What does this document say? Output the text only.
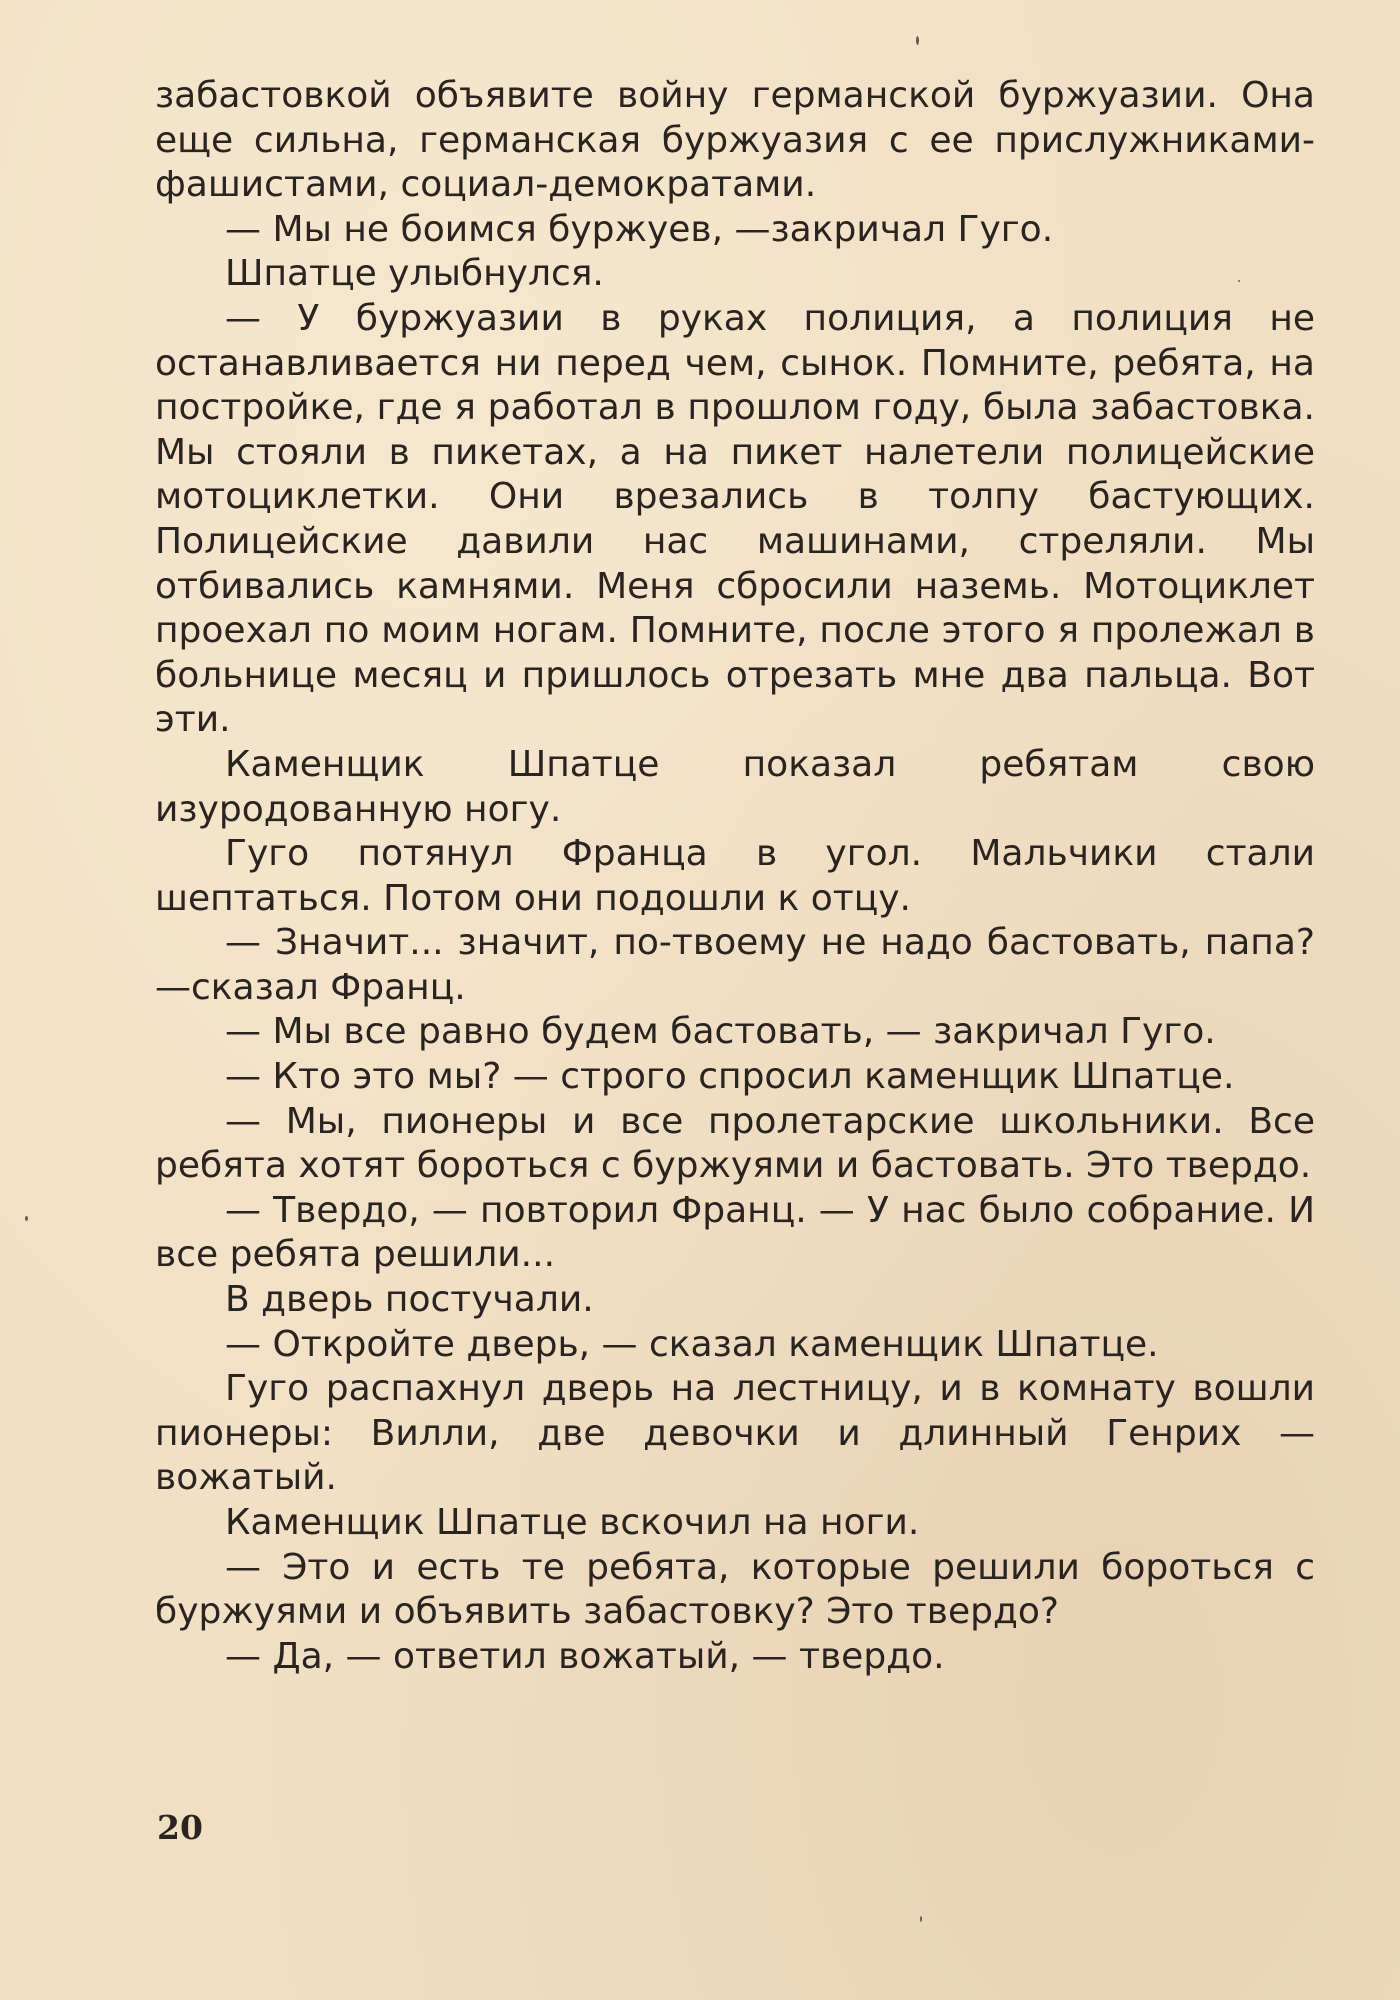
забастовкой объявите войну германской буржуазии. Она еще сильна, германская буржуазия с ее прислужниками-фашистами, социал-демократами.

— Мы не боимся буржуев, —закричал Гуго.

Шпатце улыбнулся.

— У буржуазии в руках полиция, а полиция не останавливается ни перед чем, сынок. Помните, ребята, на постройке, где я работал в прошлом году, была забастовка. Мы стояли в пикетах, а на пикет налетели полицейские мотоциклетки. Они врезались в толпу бастующих. Полицейские давили нас машинами, стреляли. Мы отбивались камнями. Меня сбросили наземь. Мотоциклет проехал по моим ногам. Помните, после этого я пролежал в больнице месяц и пришлось отрезать мне два пальца. Вот эти.

Каменщик Шпатце показал ребятам свою изуродованную ногу.

Гуго потянул Франца в угол. Мальчики стали шептаться. Потом они подошли к отцу.

— Значит... значит, по-твоему не надо бастовать, папа?—сказал Франц.

— Мы все равно будем бастовать, — закричал Гуго.

— Кто это мы? — строго спросил каменщик Шпатце.

— Мы, пионеры и все пролетарские школьники. Все ребята хотят бороться с буржуями и бастовать. Это твердо.

— Твердо, — повторил Франц. — У нас было собрание. И все ребята решили...

В дверь постучали.

— Откройте дверь, — сказал каменщик Шпатце.

Гуго распахнул дверь на лестницу, и в комнату вошли пионеры: Вилли, две девочки и длинный Генрих — вожатый.

Каменщик Шпатце вскочил на ноги.

— Это и есть те ребята, которые решили бороться с буржуями и объявить забастовку? Это твердо?

— Да, — ответил вожатый, — твердо.

20
